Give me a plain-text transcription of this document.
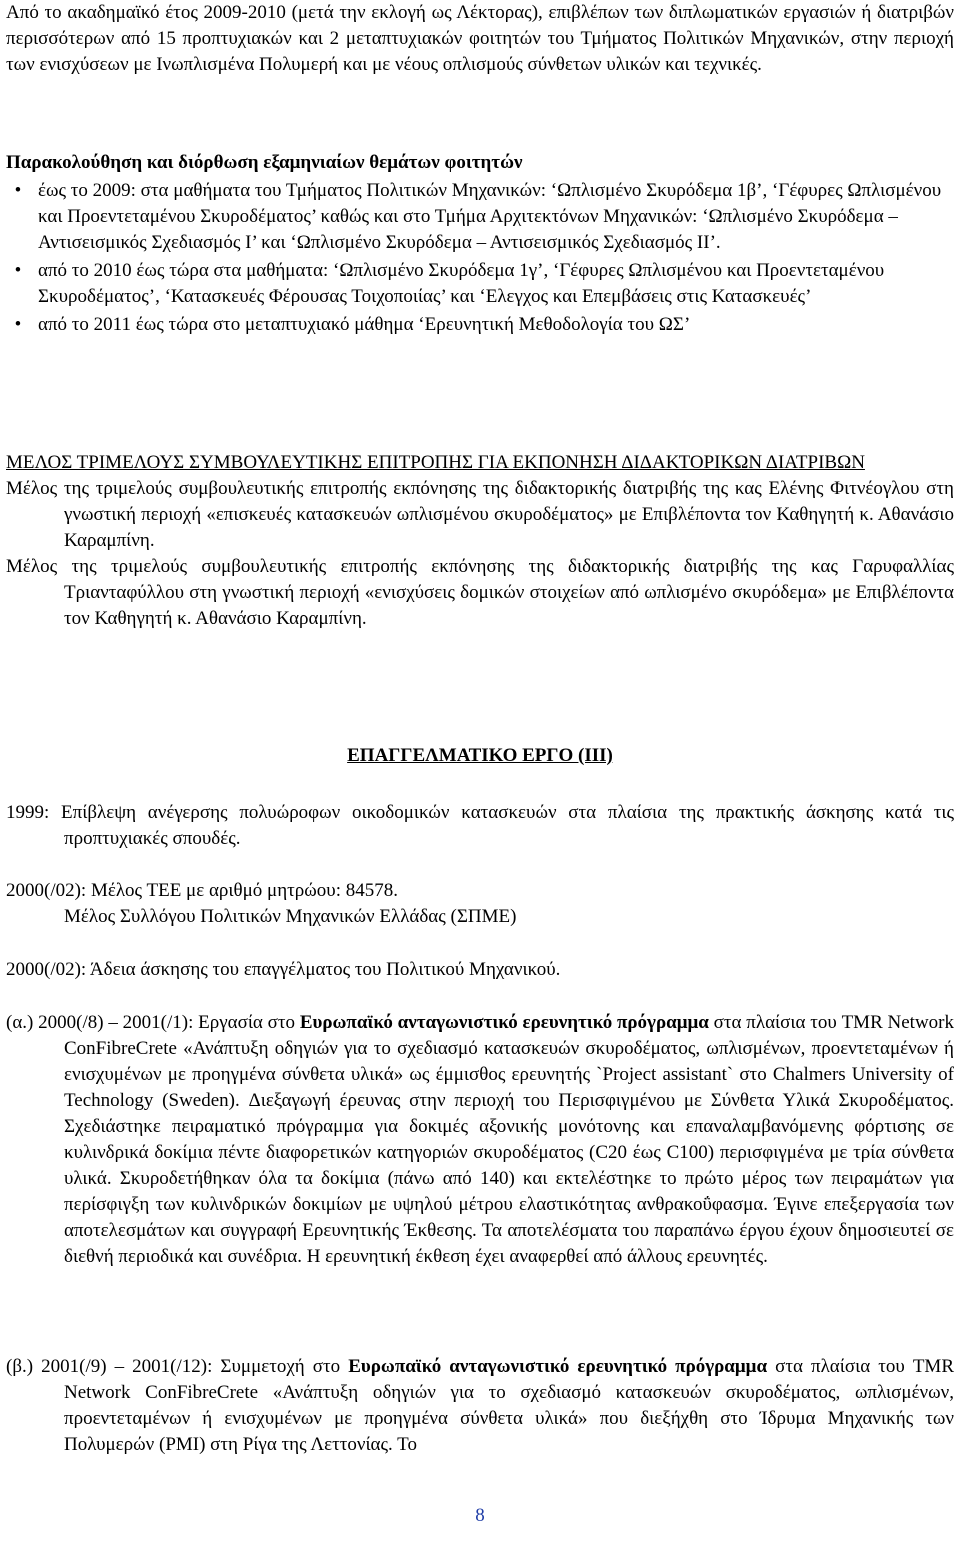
Από το ακαδημαϊκό έτος 2009-2010 (μετά την εκλογή ως Λέκτορας), επιβλέπων των διπλωματικών εργασιών ή διατριβών περισσότερων από 15 προπτυχιακών και 2 μεταπτυχιακών φοιτητών του Τμήματος Πολιτικών Μηχανικών, στην περιοχή των ενισχύσεων με Ινωπλισμένα Πολυμερή και με νέους οπλισμούς σύνθετων υλικών και τεχνικές.

Παρακολούθηση και διόρθωση εξαμηνιαίων θεμάτων φοιτητών

• έως το 2009: στα μαθήματα του Τμήματος Πολιτικών Μηχανικών: ‘Ωπλισμένο Σκυρόδεμα 1β’, ‘Γέφυρες Ωπλισμένου και Προεντεταμένου Σκυροδέματος’ καθώς και στο Τμήμα Αρχιτεκτόνων Μηχανικών: ‘Ωπλισμένο Σκυρόδεμα – Αντισεισμικός Σχεδιασμός Ι’ και ‘Ωπλισμένο Σκυρόδεμα – Αντισεισμικός Σχεδιασμός ΙΙ’.
• από το 2010 έως τώρα στα μαθήματα: ‘Ωπλισμένο Σκυρόδεμα 1γ’, ‘Γέφυρες Ωπλισμένου και Προεντεταμένου Σκυροδέματος’, ‘Κατασκευές Φέρουσας Τοιχοποιίας’ και ‘Ελεγχος και Επεμβάσεις στις Κατασκευές’
• από το 2011 έως τώρα στο μεταπτυχιακό μάθημα ‘Ερευνητική Μεθοδολογία του ΩΣ’

ΜΕΛΟΣ ΤΡΙΜΕΛΟΥΣ ΣΥΜΒΟΥΛΕΥΤΙΚΗΣ ΕΠΙΤΡΟΠΗΣ ΓΙΑ ΕΚΠΟΝΗΣΗ ΔΙΔΑΚΤΟΡΙΚΩΝ ΔΙΑΤΡΙΒΩΝ

Μέλος της τριμελούς συμβουλευτικής επιτροπής εκπόνησης της διδακτορικής διατριβής της κας Ελένης Φιτνέογλου στη γνωστική περιοχή «επισκευές κατασκευών ωπλισμένου σκυροδέματος» με Επιβλέποντα τον Καθηγητή κ. Αθανάσιο Καραμπίνη.

Μέλος της τριμελούς συμβουλευτικής επιτροπής εκπόνησης της διδακτορικής διατριβής της κας Γαρυφαλλίας Τριανταφύλλου στη γνωστική περιοχή «ενισχύσεις δομικών στοιχείων από ωπλισμένο σκυρόδεμα» με Επιβλέποντα τον Καθηγητή κ. Αθανάσιο Καραμπίνη.

ΕΠΑΓΓΕΛΜΑΤΙΚΟ ΕΡΓΟ (ΙΙΙ)

1999: Επίβλεψη ανέγερσης πολυώροφων οικοδομικών κατασκευών στα πλαίσια της πρακτικής άσκησης κατά τις προπτυχιακές σπουδές.

2000(/02): Μέλος ΤΕΕ με αριθμό μητρώου: 84578.

Μέλος Συλλόγου Πολιτικών Μηχανικών Ελλάδας (ΣΠΜΕ)

2000(/02): Άδεια άσκησης του επαγγέλματος του Πολιτικού Μηχανικού.

(α.) 2000(/8) – 2001(/1): Εργασία στο Ευρωπαϊκό ανταγωνιστικό ερευνητικό πρόγραμμα στα πλαίσια του TMR Network ConFibreCrete «Ανάπτυξη οδηγιών για το σχεδιασμό κατασκευών σκυροδέματος, ωπλισμένων, προεντεταμένων ή ενισχυμένων με προηγμένα σύνθετα υλικά» ως έμμισθος ερευνητής `Project assistant` στο Chalmers University of Technology (Sweden). Διεξαγωγή έρευνας στην περιοχή του Περισφιγμένου με Σύνθετα Υλικά Σκυροδέματος. Σχεδιάστηκε πειραματικό πρόγραμμα για δοκιμές αξονικής μονότονης και επαναλαμβανόμενης φόρτισης σε κυλινδρικά δοκίμια πέντε διαφορετικών κατηγοριών σκυροδέματος (C20 έως C100) περισφιγμένα με τρία σύνθετα υλικά. Σκυροδετήθηκαν όλα τα δοκίμια (πάνω από 140) και εκτελέστηκε το πρώτο μέρος των πειραμάτων για περίσφιγξη των κυλινδρικών δοκιμίων με υψηλού μέτρου ελαστικότητας ανθρακοΰφασμα. Έγινε επεξεργασία των αποτελεσμάτων και συγγραφή Ερευνητικής Έκθεσης. Τα αποτελέσματα του παραπάνω έργου έχουν δημοσιευτεί σε διεθνή περιοδικά και συνέδρια. Η ερευνητική έκθεση έχει αναφερθεί από άλλους ερευνητές.

(β.) 2001(/9) – 2001(/12): Συμμετοχή στο Ευρωπαϊκό ανταγωνιστικό ερευνητικό πρόγραμμα στα πλαίσια του TMR Network ConFibreCrete «Ανάπτυξη οδηγιών για το σχεδιασμό κατασκευών σκυροδέματος, ωπλισμένων, προεντεταμένων ή ενισχυμένων με προηγμένα σύνθετα υλικά» που διεξήχθη στο Ίδρυμα Μηχανικής των Πολυμερών (PMI) στη Ρίγα της Λεττονίας. Το

8
